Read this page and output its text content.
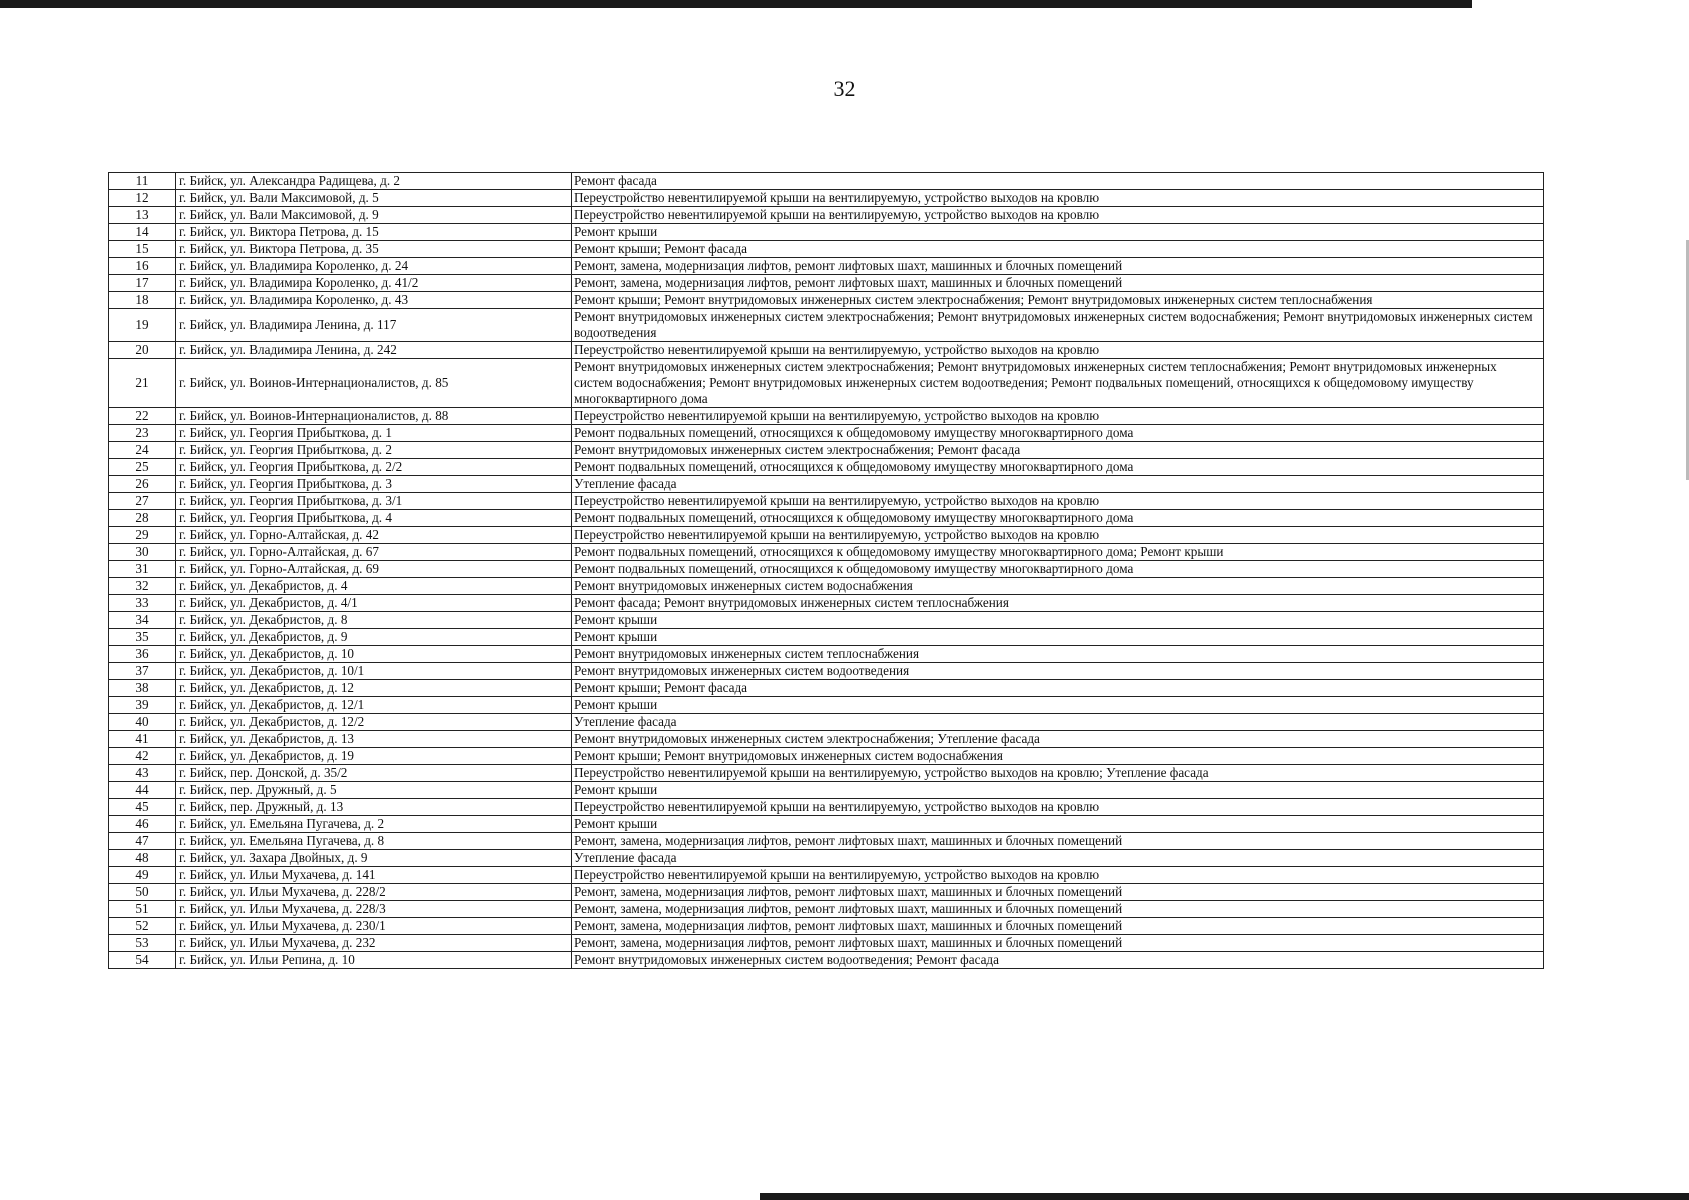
32
11	г. Бийск, ул. Александра Радищева, д. 2	Ремонт фасада
12	г. Бийск, ул. Вали Максимовой, д. 5	Переустройство невентилируемой крыши на вентилируемую, устройство выходов на кровлю
13	г. Бийск, ул. Вали Максимовой, д. 9	Переустройство невентилируемой крыши на вентилируемую, устройство выходов на кровлю
14	г. Бийск, ул. Виктора Петрова, д. 15	Ремонт крыши
15	г. Бийск, ул. Виктора Петрова, д. 35	Ремонт крыши; Ремонт фасада
16	г. Бийск, ул. Владимира Короленко, д. 24	Ремонт, замена, модернизация лифтов, ремонт лифтовых шахт, машинных и блочных помещений
17	г. Бийск, ул. Владимира Короленко, д. 41/2	Ремонт, замена, модернизация лифтов, ремонт лифтовых шахт, машинных и блочных помещений
18	г. Бийск, ул. Владимира Короленко, д. 43	Ремонт крыши; Ремонт внутридомовых инженерных систем электроснабжения; Ремонт внутридомовых инженерных систем теплоснабжения
19	г. Бийск, ул. Владимира Ленина, д. 117	Ремонт внутридомовых инженерных систем электроснабжения; Ремонт внутридомовых инженерных систем водоснабжения; Ремонт внутридомовых инженерных систем водоотведения
20	г. Бийск, ул. Владимира Ленина, д. 242	Переустройство невентилируемой крыши на вентилируемую, устройство выходов на кровлю
21	г. Бийск, ул. Воинов-Интернационалистов, д. 85	Ремонт внутридомовых инженерных систем электроснабжения; Ремонт внутридомовых инженерных систем теплоснабжения; Ремонт внутридомовых инженерных систем водоснабжения; Ремонт внутридомовых инженерных систем водоотведения; Ремонт подвальных помещений, относящихся к общедомовому имуществу многоквартирного дома
22	г. Бийск, ул. Воинов-Интернационалистов, д. 88	Переустройство невентилируемой крыши на вентилируемую, устройство выходов на кровлю
23	г. Бийск, ул. Георгия Прибыткова, д. 1	Ремонт подвальных помещений, относящихся к общедомовому имуществу многоквартирного дома
24	г. Бийск, ул. Георгия Прибыткова, д. 2	Ремонт внутридомовых инженерных систем электроснабжения; Ремонт фасада
25	г. Бийск, ул. Георгия Прибыткова, д. 2/2	Ремонт подвальных помещений, относящихся к общедомовому имуществу многоквартирного дома
26	г. Бийск, ул. Георгия Прибыткова, д. 3	Утепление фасада
27	г. Бийск, ул. Георгия Прибыткова, д. 3/1	Переустройство невентилируемой крыши на вентилируемую, устройство выходов на кровлю
28	г. Бийск, ул. Георгия Прибыткова, д. 4	Ремонт подвальных помещений, относящихся к общедомовому имуществу многоквартирного дома
29	г. Бийск, ул. Горно-Алтайская, д. 42	Переустройство невентилируемой крыши на вентилируемую, устройство выходов на кровлю
30	г. Бийск, ул. Горно-Алтайская, д. 67	Ремонт подвальных помещений, относящихся к общедомовому имуществу многоквартирного дома; Ремонт крыши
31	г. Бийск, ул. Горно-Алтайская, д. 69	Ремонт подвальных помещений, относящихся к общедомовому имуществу многоквартирного дома
32	г. Бийск, ул. Декабристов, д. 4	Ремонт внутридомовых инженерных систем водоснабжения
33	г. Бийск, ул. Декабристов, д. 4/1	Ремонт фасада; Ремонт внутридомовых инженерных систем теплоснабжения
34	г. Бийск, ул. Декабристов, д. 8	Ремонт крыши
35	г. Бийск, ул. Декабристов, д. 9	Ремонт крыши
36	г. Бийск, ул. Декабристов, д. 10	Ремонт внутридомовых инженерных систем теплоснабжения
37	г. Бийск, ул. Декабристов, д. 10/1	Ремонт внутридомовых инженерных систем водоотведения
38	г. Бийск, ул. Декабристов, д. 12	Ремонт крыши; Ремонт фасада
39	г. Бийск, ул. Декабристов, д. 12/1	Ремонт крыши
40	г. Бийск, ул. Декабристов, д. 12/2	Утепление фасада
41	г. Бийск, ул. Декабристов, д. 13	Ремонт внутридомовых инженерных систем электроснабжения; Утепление фасада
42	г. Бийск, ул. Декабристов, д. 19	Ремонт крыши; Ремонт внутридомовых инженерных систем водоснабжения
43	г. Бийск, пер. Донской, д. 35/2	Переустройство невентилируемой крыши на вентилируемую, устройство выходов на кровлю; Утепление фасада
44	г. Бийск, пер. Дружный, д. 5	Ремонт крыши
45	г. Бийск, пер. Дружный, д. 13	Переустройство невентилируемой крыши на вентилируемую, устройство выходов на кровлю
46	г. Бийск, ул. Емельяна Пугачева, д. 2	Ремонт крыши
47	г. Бийск, ул. Емельяна Пугачева, д. 8	Ремонт, замена, модернизация лифтов, ремонт лифтовых шахт, машинных и блочных помещений
48	г. Бийск, ул. Захара Двойных, д. 9	Утепление фасада
49	г. Бийск, ул. Ильи Мухачева, д. 141	Переустройство невентилируемой крыши на вентилируемую, устройство выходов на кровлю
50	г. Бийск, ул. Ильи Мухачева, д. 228/2	Ремонт, замена, модернизация лифтов, ремонт лифтовых шахт, машинных и блочных помещений
51	г. Бийск, ул. Ильи Мухачева, д. 228/3	Ремонт, замена, модернизация лифтов, ремонт лифтовых шахт, машинных и блочных помещений
52	г. Бийск, ул. Ильи Мухачева, д. 230/1	Ремонт, замена, модернизация лифтов, ремонт лифтовых шахт, машинных и блочных помещений
53	г. Бийск, ул. Ильи Мухачева, д. 232	Ремонт, замена, модернизация лифтов, ремонт лифтовых шахт, машинных и блочных помещений
54	г. Бийск, ул. Ильи Репина, д. 10	Ремонт внутридомовых инженерных систем водоотведения; Ремонт фасада
